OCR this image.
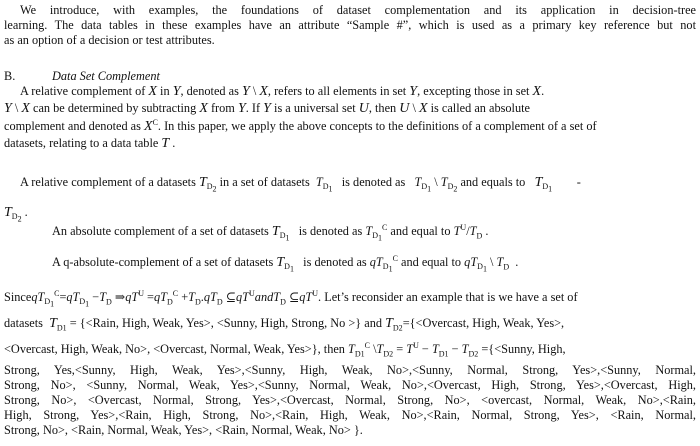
We introduce, with examples, the foundations of dataset complementation and its application in decision-tree
learning. The data tables in these examples have an attribute “Sample #”, which is used as a primary key reference but not
as an option of a decision or test attributes.
B.	Data Set Complement
A relative complement of X in Y, denoted as Y \ X, refers to all elements in set Y, excepting those in set X.
Y \ X can be determined by subtracting X from Y. If Y is a universal set U, then U \ X is called an absolute
complement and denoted as $X^C$. In this paper, we apply the above concepts to the definitions of a complement of a set of
datasets, relating to a data table T .
A relative complement of a datasets $T_{D_2}$ in a set of datasets $T_{D_1}$   is denoted as $T_{D_1}$ \ $T_{D_2}$ and equals to $T_{D_1}$        -
$T_{D_2}$ .
An absolute complement of a set of datasets $T_{D_1}$   is denoted as $T_{D_1}^C$ and equal to $T^U/T_D$ .
A q-absolute-complement of a set of datasets $T_{D_1}$   is denoted as $qT_{D_1}^C$ and equal to $qT_{D_1}$ \ $T_D$  .
$SinceqT_{D_1}^C=qT_{D_1} -T_D$ $\Rightarrow qT^U =qT_D^C +T_D.qT_D$ $⊆qT^UandT_D$ $⊆qT^U$. Let’s reconsider an example that is we have a set of
datasets $T_{D1}$ = {<Rain, High, Weak, Yes>, <Sunny, High, Strong, No >} and $T_{D2}=\{<Overcast$, High, Weak, Yes>,
<Overcast, High, Weak, No>, <Overcast, Normal, Weak, Yes>}, then $T_{D1}^C$ $\backslash T_{D2} = T^U - T_{D1} - T_{D2}$ ={<Sunny, High,
Strong, Yes,<Sunny, High, Weak, Yes>,<Sunny, High, Weak, No>,<Sunny, Normal, Strong, Yes>,<Sunny, Normal,
Strong, No>, <Sunny, Normal, Weak, Yes>,<Sunny, Normal, Weak, No>,<Overcast, High, Strong, Yes>,<Overcast, High,
Strong, No>, <Overcast, Normal, Strong, Yes>,<Overcast, Normal, Strong, No>, <overcast, Normal, Weak, No>,<Rain,
High, Strong, Yes>,<Rain, High, Strong, No>,<Rain, High, Weak, No>,<Rain, Normal, Strong, Yes>, <Rain, Normal,
Strong, No>, <Rain, Normal, Weak, Yes>, <Rain, Normal, Weak, No> }.
